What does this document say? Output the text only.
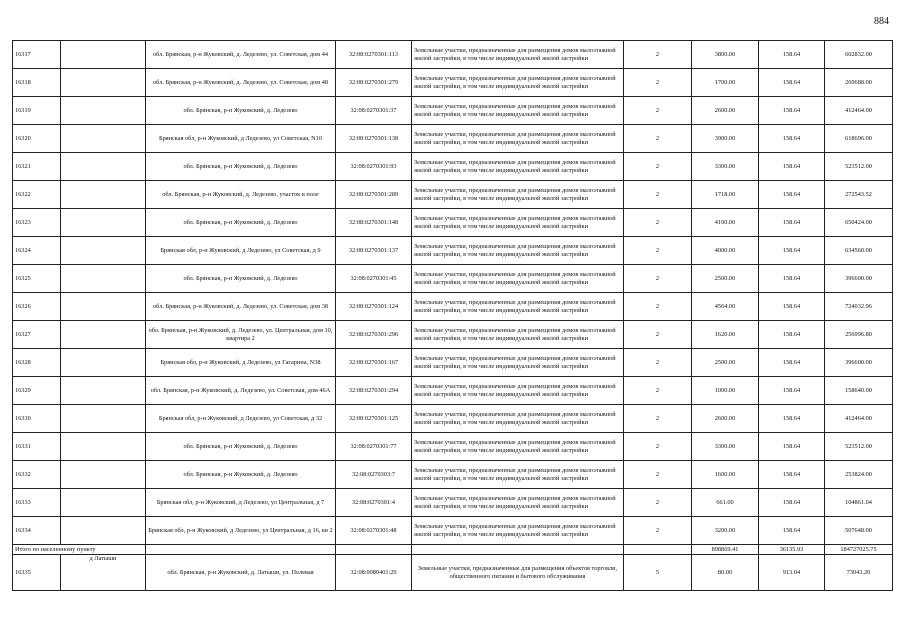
884
16317		обл. Брянская, р-н Жуковский, д. Ледезево, ул. Советская, дом 44	32:08:0270301:113	Земельные участки, предназначенные для размещения домов малоэтажной жилой застройки, в том числе индивидуальной жилой застройки	2	3800.00	158.64	602832.00
16318		обл. Брянская, р-н Жуковский, д. Ледезево, ул. Советская, дом 48	32:08:0270301:279	Земельные участки, предназначенные для размещения домов малоэтажной жилой застройки, в том числе индивидуальной жилой застройки	2	1700.00	158.64	269688.00
16319		обл. Брянская, р-н Жуковский, д. Ледезево	32:08:0270301:37	Земельные участки, предназначенные для размещения домов малоэтажной жилой застройки, в том числе индивидуальной жилой застройки	2	2600.00	158.64	412464.00
16320		Брянская обл, р-н Жуковский, д Ледезево, ул Советская, N10	32:08:0270301:138	Земельные участки, предназначенные для размещения домов малоэтажной жилой застройки, в том числе индивидуальной жилой застройки	2	3900.00	158.64	618696.00
16321		обл. Брянская, р-н Жуковский, д. Ледезево	32:08:0270301:93	Земельные участки, предназначенные для размещения домов малоэтажной жилой застройки, в том числе индивидуальной жилой застройки	2	3300.00	158.64	523512.00
16322		обл. Брянская, р-н Жуковский, д. Ледезево, участок в поле	32:08:0270301:289	Земельные участки, предназначенные для размещения домов малоэтажной жилой застройки, в том числе индивидуальной жилой застройки	2	1718.00	158.64	272543.52
16323		обл. Брянская, р-н Жуковский, д. Ледезево	32:08:0270301:148	Земельные участки, предназначенные для размещения домов малоэтажной жилой застройки, в том числе индивидуальной жилой застройки	2	4100.00	158.64	650424.00
16324		Брянская обл, р-н Жуковский, д Ледезево, ул Советская, д 9	32:08:0270301:137	Земельные участки, предназначенные для размещения домов малоэтажной жилой застройки, в том числе индивидуальной жилой застройки	2	4000.00	158.64	634560.00
16325		обл. Брянская, р-н Жуковский, д. Ледезево	32:08:0270301:45	Земельные участки, предназначенные для размещения домов малоэтажной жилой застройки, в том числе индивидуальной жилой застройки	2	2500.00	158.64	396600.00
16326		обл. Брянская, р-н Жуковский, д. Ледезево, ул. Советская, дом 38	32:08:0270301:124	Земельные участки, предназначенные для размещения домов малоэтажной жилой застройки, в том числе индивидуальной жилой застройки	2	4564.00	158.64	724032.96
16327		обл. Брянская, р-н Жуковский, д. Ледезево, ул. Центральная, дом 10, квартира 2	32:08:0270301:296	Земельные участки, предназначенные для размещения домов малоэтажной жилой застройки, в том числе индивидуальной жилой застройки	2	1620.00	158.64	256996.80
16328		Брянская обл, р-н Жуковский, д Ледезево, ул Гагарина, N38	32:08:0270301:167	Земельные участки, предназначенные для размещения домов малоэтажной жилой застройки, в том числе индивидуальной жилой застройки	2	2500.00	158.64	396600.00
16329		обл. Брянская, р-н Жуковский, д. Ледезево, ул. Советская, дом 46А	32:08:0270301:294	Земельные участки, предназначенные для размещения домов малоэтажной жилой застройки, в том числе индивидуальной жилой застройки	2	1000.00	158.64	158640.00
16330		Брянская обл, р-н Жуковский, д Ледезево, ул Советская, д 32	32:08:0270301:125	Земельные участки, предназначенные для размещения домов малоэтажной жилой застройки, в том числе индивидуальной жилой застройки	2	2600.00	158.64	412464.00
16331		обл. Брянская, р-н Жуковский, д. Ледезево	32:08:0270301:77	Земельные участки, предназначенные для размещения домов малоэтажной жилой застройки, в том числе индивидуальной жилой застройки	2	3300.00	158.64	523512.00
16332		обл. Брянская, р-н Жуковский, д. Ледезево	32:08:0270303:7	Земельные участки, предназначенные для размещения домов малоэтажной жилой застройки, в том числе индивидуальной жилой застройки	2	1600.00	158.64	253824.00
16333		Брянская обл, р-н Жуковский, д Ледезево, ул Центральная, д 7	32:08:0270301:4	Земельные участки, предназначенные для размещения домов малоэтажной жилой застройки, в том числе индивидуальной жилой застройки	2	661.00	158.64	104861.04
16334		Брянская обл, р-н Жуковский, д Ледезево, ул Центральная, д 16, кв 2	32:08:0270301:48	Земельные участки, предназначенные для размещения домов малоэтажной жилой застройки, в том числе индивидуальной жилой застройки	2	3200.00	158.64	507648.00
Итого по населенному пункту						898869.41	36135.93	184727025.75
16335	д Латыши	обл. Брянская, р-н Жуковский, д. Латыши, ул. Полевая	32:08:0080401:29	Земельные участки, предназначенные для размещения объектов торговли, общественного питания и бытового обслуживания	5	80.00	913.04	73043.20
